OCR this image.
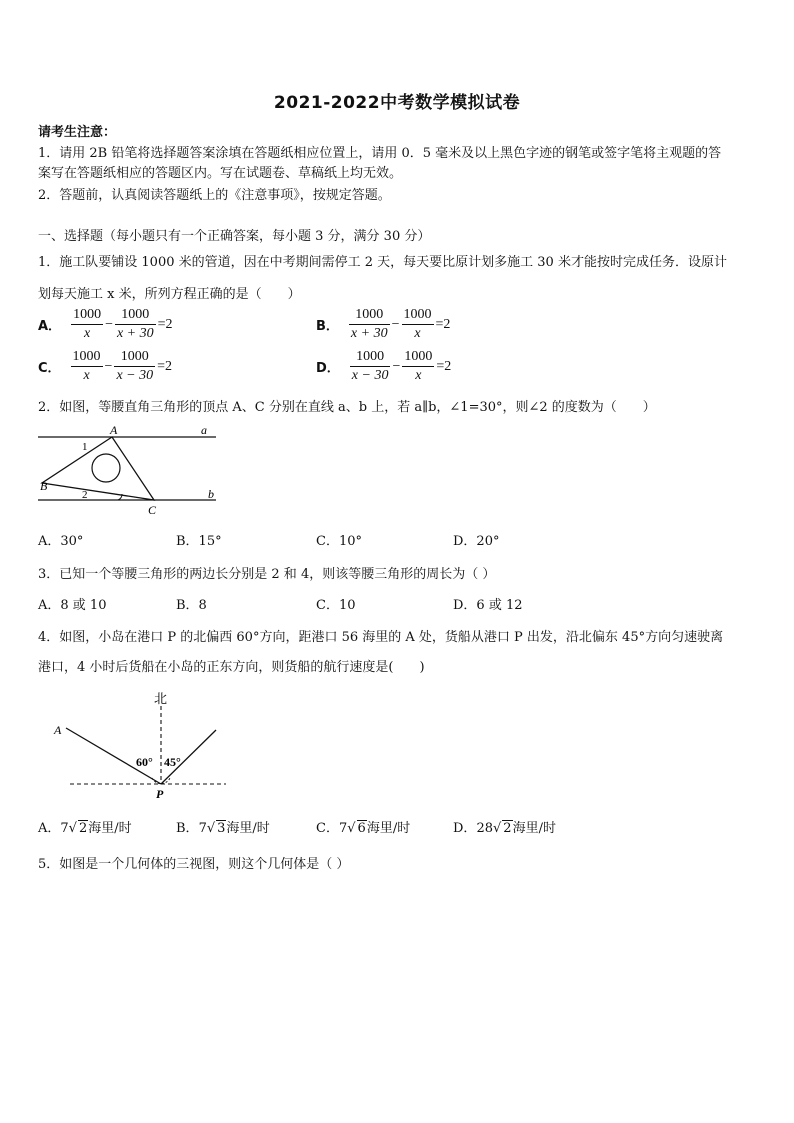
2021-2022中考数学模拟试卷
请考生注意：
1．请用 2B 铅笔将选择题答案涂填在答题纸相应位置上，请用 0．5 毫米及以上黑色字迹的钢笔或签字笔将主观题的答
案写在答题纸相应的答题区内。写在试题卷、草稿纸上均无效。
2．答题前，认真阅读答题纸上的《注意事项》，按规定答题。
一、选择题（每小题只有一个正确答案，每小题 3 分，满分 30 分）
1．施工队要铺设 1000 米的管道，因在中考期间需停工 2 天，每天要比原计划多施工 30 米才能按时完成任务．设原计
划每天施工 x 米，所列方程正确的是（　　）
A． $\frac{1000}{x} - \frac{1000}{x + 30} =2$	B． $\frac{1000}{x + 30} - \frac{1000}{x} =2$
C． $\frac{1000}{x} - \frac{1000}{x - 30} =2$	D． $\frac{1000}{x - 30} - \frac{1000}{x} =2$
2．如图，等腰直角三角形的顶点 A、C 分别在直线 a、b 上，若 a∥b，∠1=30°，则∠2 的度数为（　　）
A
B
C
a
b
1
2
A．30°	B．15°	C．10°	D．20°
3．已知一个等腰三角形的两边长分别是 2 和 4，则该等腰三角形的周长为（ ）
A．8 或 10	B．8	C．10	D．6 或 12
4．如图，小岛在港口 P 的北偏西 60°方向，距港口 56 海里的 A 处，货船从港口 P 出发，沿北偏东 45°方向匀速驶离
港口，4 小时后货船在小岛的正东方向，则货船的航行速度是(　　)
北
A
P
60° 45°
A．7√ 2海里/时	B．7√ 3海里/时	C．7√ 6海里/时	D．28√ 2海里/时
5．如图是一个几何体的三视图，则这个几何体是（ ）
